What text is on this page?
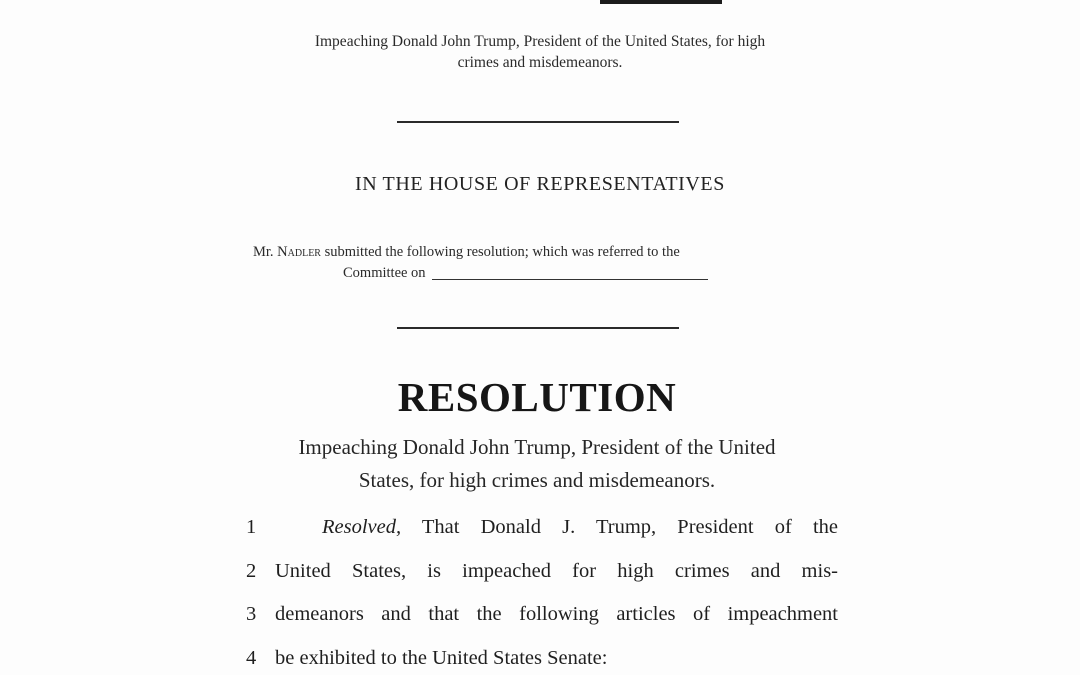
Impeaching Donald John Trump, President of the United States, for high
crimes and misdemeanors.
IN THE HOUSE OF REPRESENTATIVES
Mr. Nadler submitted the following resolution; which was referred to the
Committee on
RESOLUTION
Impeaching Donald John Trump, President of the United
States, for high crimes and misdemeanors.
1	Resolved, That Donald J. Trump, President of the
2 United States, is impeached for high crimes and mis-
3 demeanors and that the following articles of impeachment
4 be exhibited to the United States Senate:
